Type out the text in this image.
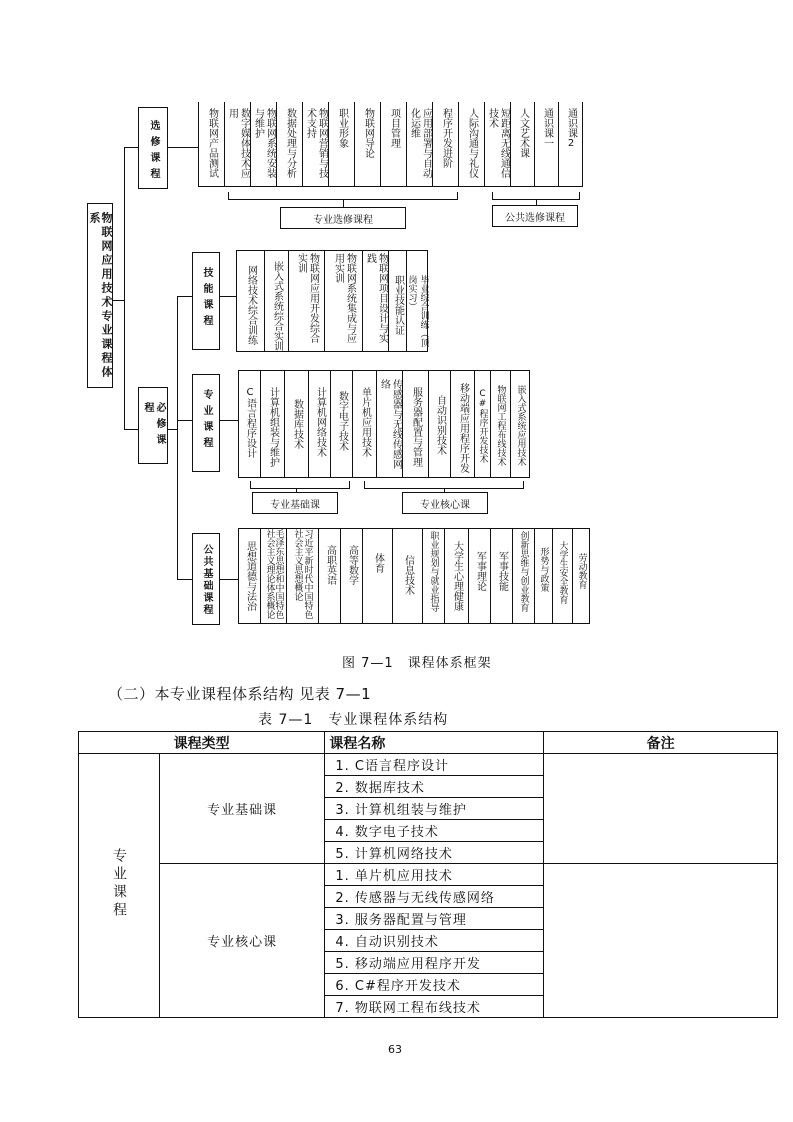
物联网应用技术专业课程体系
选修课程	物联网产品测试	数字媒体技术应用	物联网系统安装与维护	数据处理与分析	物联网营销与技术支持	职业形象 物联网导论 项目管理	应用部署与自动化运维	程序开发进阶 人际沟通与礼仪	短距离无线通信技术	人文艺术课 通识课一 通识课2
专业选修课程	公共选修课程
必修课程
技能课程	网络技术综合训练 嵌入式系统综合实训	物联网应用开发综合实训	物联网系统集成与应用实训	物联网项目设计与实践
职业技能认证	毕业综合训练（顶岗实习）
专业课程	C语言程序设计 计算机组装与维护 数据库技术 计算机网络技术 数字电子技术 单片机应用技术	传感器与无线传感网络
服务器配置与管理 自动识别技术 移动端应用程序开发 C#程序开发技术 物联网工程布线技术 嵌入式系统应用技术
专业基础课	专业核心课
公共基础课程	思想道德与法治	毛泽东思想和中国特色社会主义理论体系概论	习近平新时代中国特色社会主义思想概论	高职英语 高等数学 体育 信息技术 职业规划与就业指导 大学生心理健康 军事理论 军事技能 创新思维与创业教育 形势与政策 大学生安全教育 劳动教育
图 7—1　课程体系框架
（二）本专业课程体系结构 见表 7—1
表 7—1　专业课程体系结构
课程类型		课程名称	备注
专业课程	专业基础课	1. C语言程序设计	
		2. 数据库技术	
		3. 计算机组装与维护	
		4. 数字电子技术	
		5. 计算机网络技术	
	专业核心课	1. 单片机应用技术	
		2. 传感器与无线传感网络	
		3. 服务器配置与管理	
		4. 自动识别技术	
		5. 移动端应用程序开发	
		6. C#程序开发技术	
		7. 物联网工程布线技术	
63
